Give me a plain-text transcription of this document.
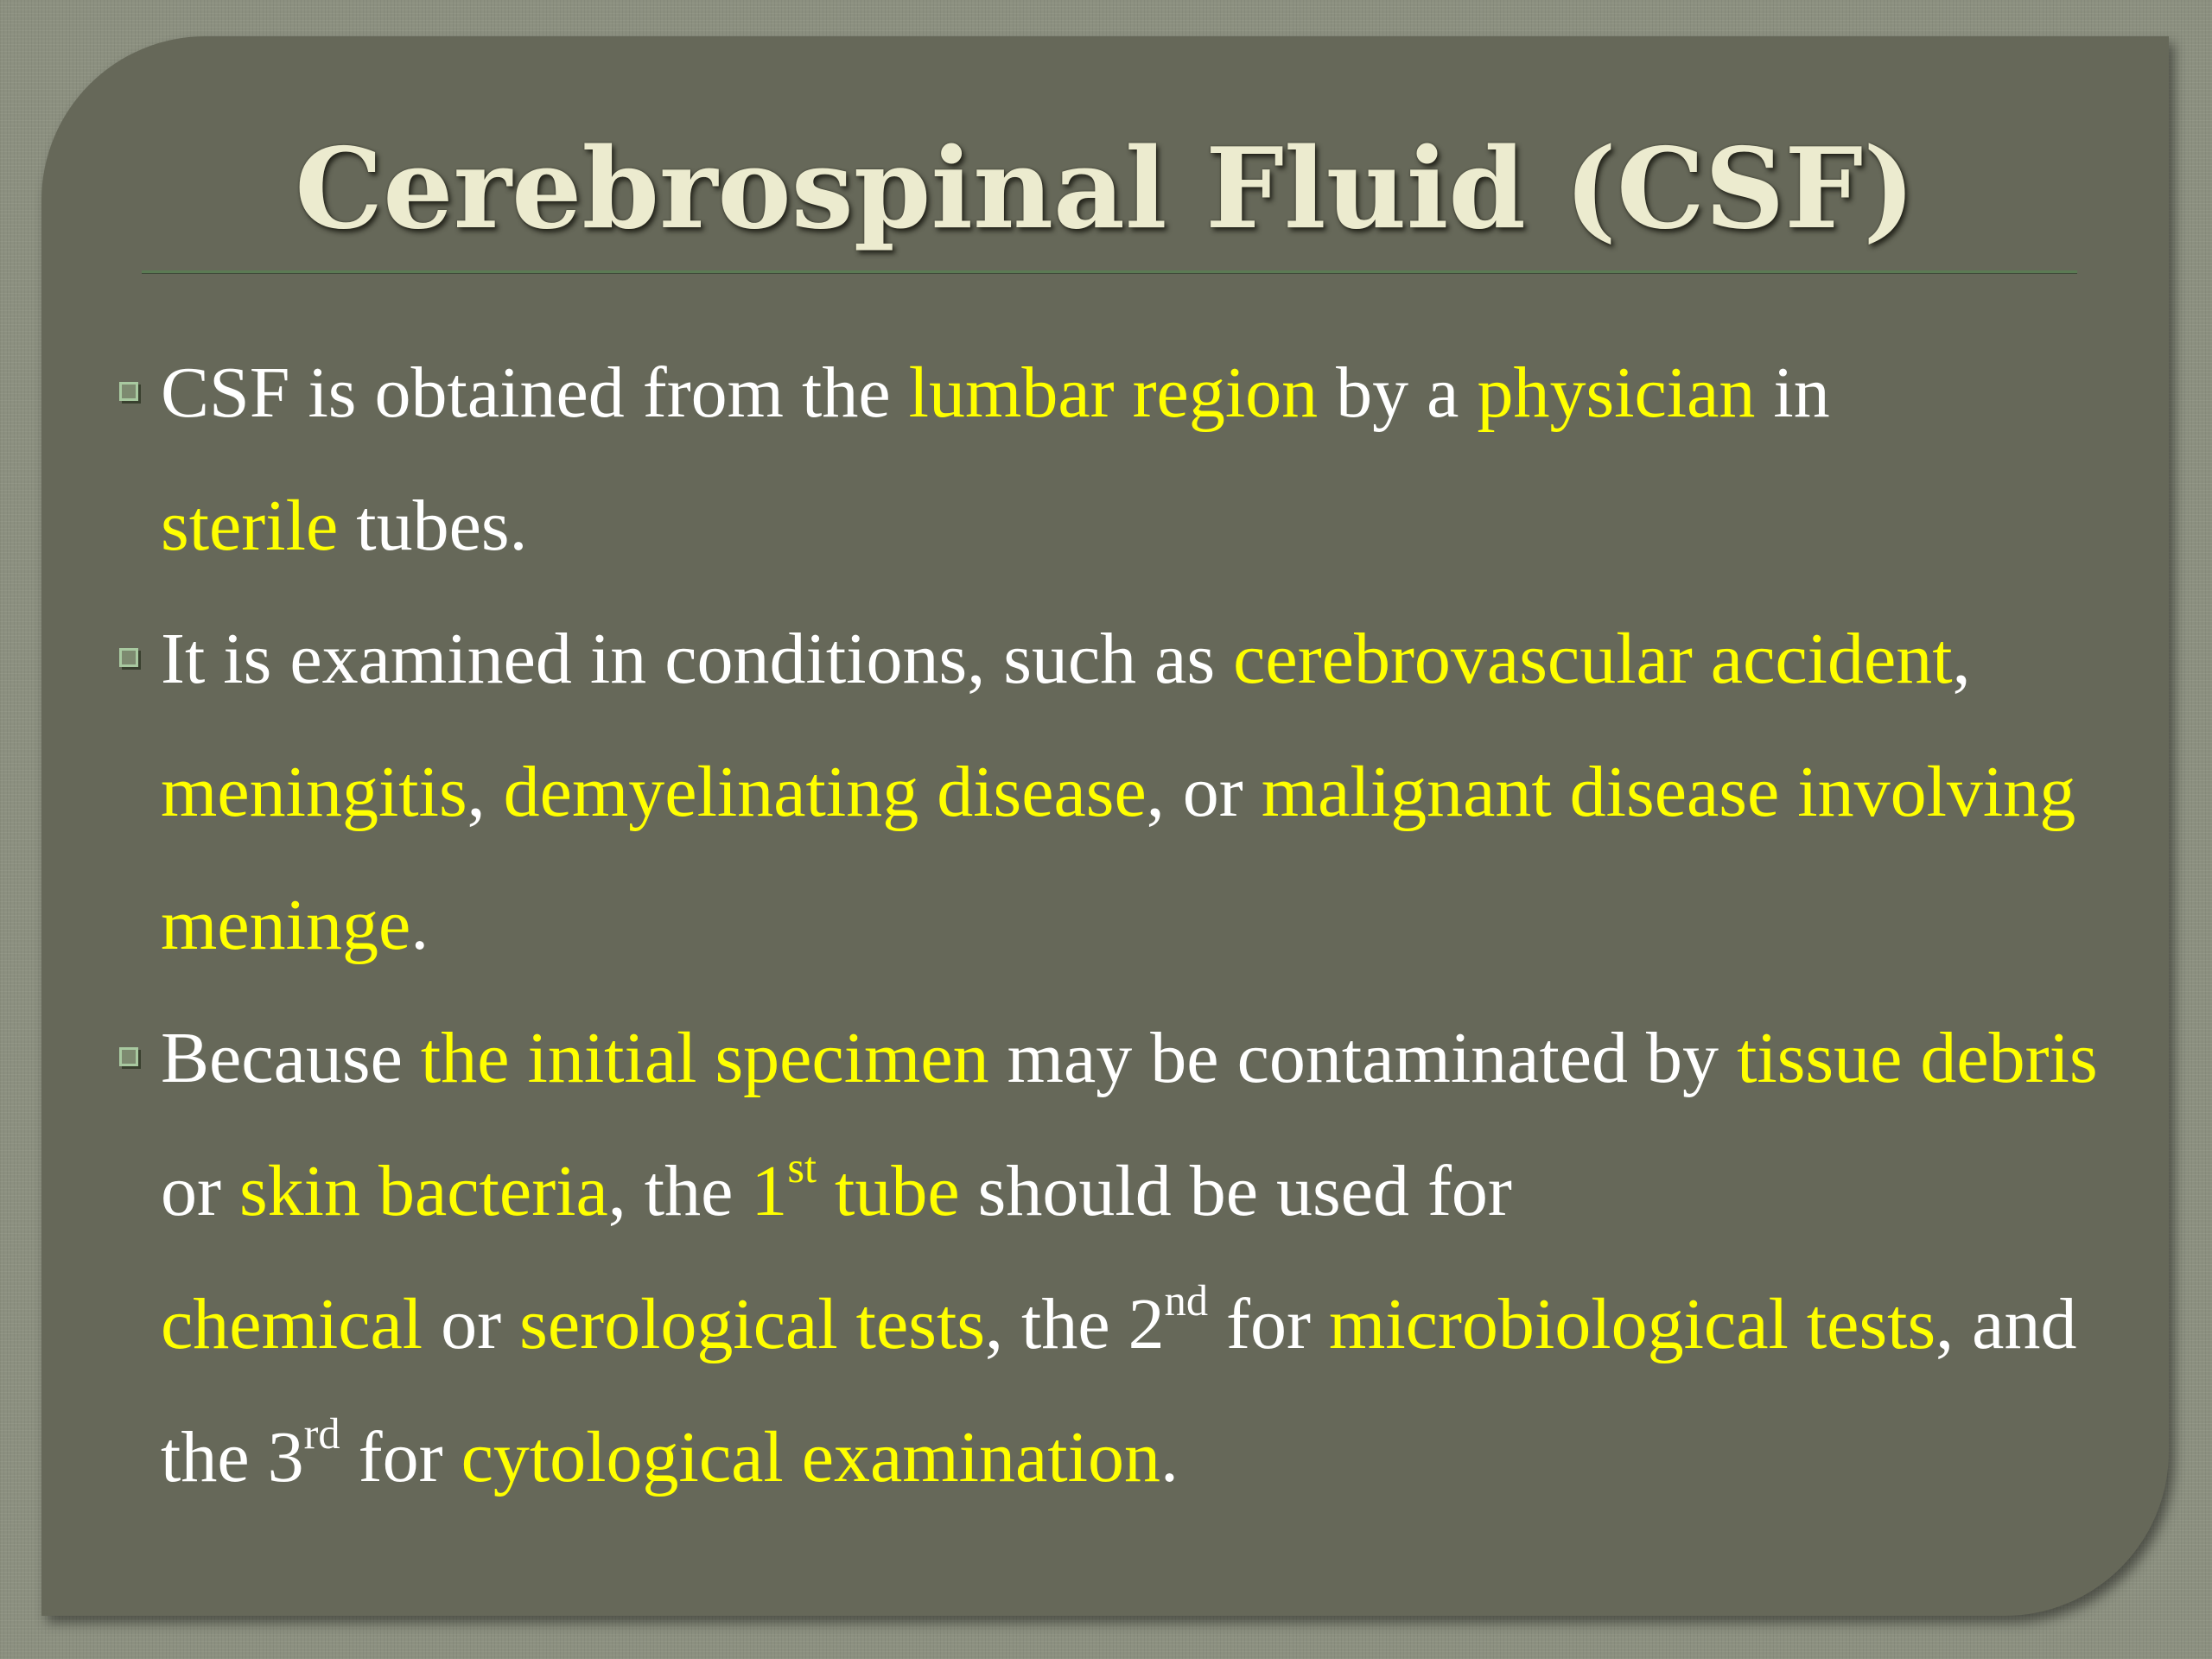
Cerebrospinal Fluid (CSF)
CSF is obtained from the lumbar region by a physician in
sterile tubes.
It is examined in conditions, such as cerebrovascular accident,
meningitis, demyelinating disease, or malignant disease involving meninge.
Because the initial specimen may be contaminated by tissue debris or skin bacteria, the 1st tube should be used for
chemical or serological tests, the 2nd for microbiological tests, and the 3rd for cytological examination.
